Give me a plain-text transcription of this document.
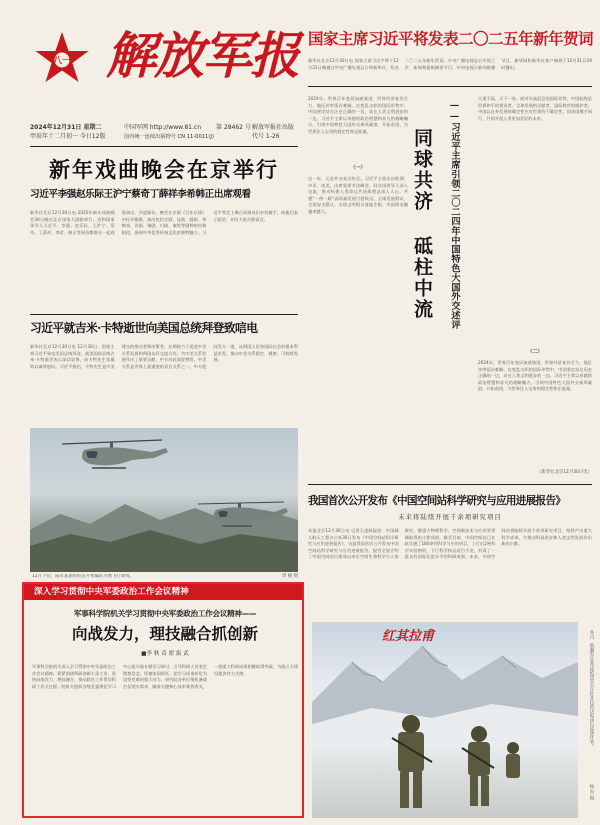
八一 解放军报
2024年12月31日 星期二
甲辰年十二月初一 今日12版
中国军网 http://www.81.cn
国内统一连续出版物号 CN 11-0011(J)
第 28462 号 解放军报社出版
代号 1-26
国家主席习近平将发表二〇二五年新年贺词
新华社北京12月30日电 国家主席习近平将于12月31日晚通过中央广播电视总台和新华社，发表二〇二五年新年贺词。中央广播电视总台中国之声、新闻和报纸摘要节目，中央电视台新闻联播节目，新华网和新华社客户端将于12月31日19时播出。
新年戏曲晚会在京举行
习近平李强赵乐际王沪宁蔡奇丁薛祥李希韩正出席观看
新华社北京12月30日电 2025年新年戏曲晚会30日晚在北京国家大剧院举行。党和国家领导人习近平、李强、赵乐际、王沪宁、蔡奇、丁薛祥、李希、韩正等同首都群众一起观看演出，共迎新年。晚会在京剧《百年京剧》中拉开帷幕，演出包括京剧、昆曲、越剧、黄梅戏、评剧、豫剧、川剧、秦腔等剧种的经典唱段，展现中华优秀传统文化的独特魅力。习近平等走上舞台同演员们亲切握手，向他们表示祝贺，并同大家合影留念。
习近平就吉米·卡特逝世向美国总统拜登致唁电
新华社北京12月30日电 12月30日，国家主席习近平致电美国总统拜登，就美国前总统吉米·卡特逝世表示深切哀悼，向卡特先生家属致以诚挚慰问。习近平指出，卡特先生是中美建交的推动者和决策者，长期致力于促进中美关系发展和两国友好交流合作，为中美关系发展作出了重要贡献，中方对此高度赞赏。中美关系是世界上最重要的双边关系之一。中方愿同美方一道，从两国人民和国际社会的根本利益出发，推动中美关系稳定、健康、可持续发展。
12月下旬，陆军某旅组织直升机编队开展飞行训练。	周 楠 摄
2024年，世界百年变局加速演进，世界经济复苏乏力，地区冲突延宕难解。在变乱交织的国际形势中，中国坚定站在历史正确的一边，站在人类文明进步的一边。习近平主席以卓越的政治智慧和非凡的战略魄力，引领中国特色大国外交乘风破浪、开拓奋进，为世界注入宝贵的稳定性和正能量。
（一）
这一年，元首外交亮点纷呈。习近平主席出访欧洲、中亚、南美，出席重要多边峰会，同各国领导人深入交流，推动构建人类命运共同体理念深入人心。共建“一带一路”高质量发展行稳致远，全球发展倡议、全球安全倡议、全球文明倡议落地生根，中国朋友圈越来越大。	同球共济 砥柱中流 ——习近平主席引领二〇二四年中国特色大国外交述评
大道不孤，天下一家。面对风高浪急的国际形势，中国始终是世界和平的建设者、全球发展的贡献者、国际秩序的维护者。中国以自身发展的确定性应对世界的不确定性，同各国携手同行，共同开创人类更加美好的未来。
（二）
2024年，世界百年变局加速演进，世界经济复苏乏力，地区冲突延宕难解。在变乱交织的国际形势中，中国坚定站在历史正确的一边，站在人类文明进步的一边。习近平主席以卓越的政治智慧和非凡的战略魄力，引领中国特色大国外交乘风破浪、开拓奋进，为世界注入宝贵的稳定性和正能量。
（新华社北京12月30日电）
我国首次公开发布《中国空间站科学研究与应用进展报告》
未来将陆续开展千余项研究项目
本报北京12月30日电 记者王凌硕报道：中国载人航天工程办公室30日发布《中国空间站科学研究与应用进展报告》，这是我国首次公开发布中国空间站科学研究与应用进展报告。报告全面介绍了中国空间站自建成以来在空间生命科学与人体研究、微重力物理科学、空间新技术与应用等领域取得的主要成果。截至目前，中国空间站已在轨实施了180余项科学与应用项目，上行近2吨科学实验物资，下行科学样品近百千克，形成了一批具有国际先进水平的科研成果。未来，中国空间站将陆续开展千余项研究项目，持续产出重大科学成果，为推动科技进步和人类文明发展作出新的贡献。
深入学习贯彻中央军委政治工作会议精神
军事科学院机关学习贯彻中央军委政治工作会议精神——
向战发力，理技融合抓创新
■李 秋 奇 翟 振 武
军事科学院机关深入学习贯彻中央军委政治工作会议精神，紧紧围绕科研创新主责主业，坚持向战发力、理技融合，推动政治工作贯穿科研工作全过程。院机关组织各级党委理论学习中心组开展专题学习研讨，引导科研人员坚定理想信念、厚植家国情怀，把学习成果转化为攻坚克难的强大动力。研究院各单位聚焦备战打仗现实需求，瞄准关键核心技术集智攻关，一批重大科研成果相继取得突破，为战斗力建设提供有力支撑。
红其拉甫	冬日，新疆军区某边防团官兵在红其拉甫达坂执行巡逻任务。
杨 东 摄
